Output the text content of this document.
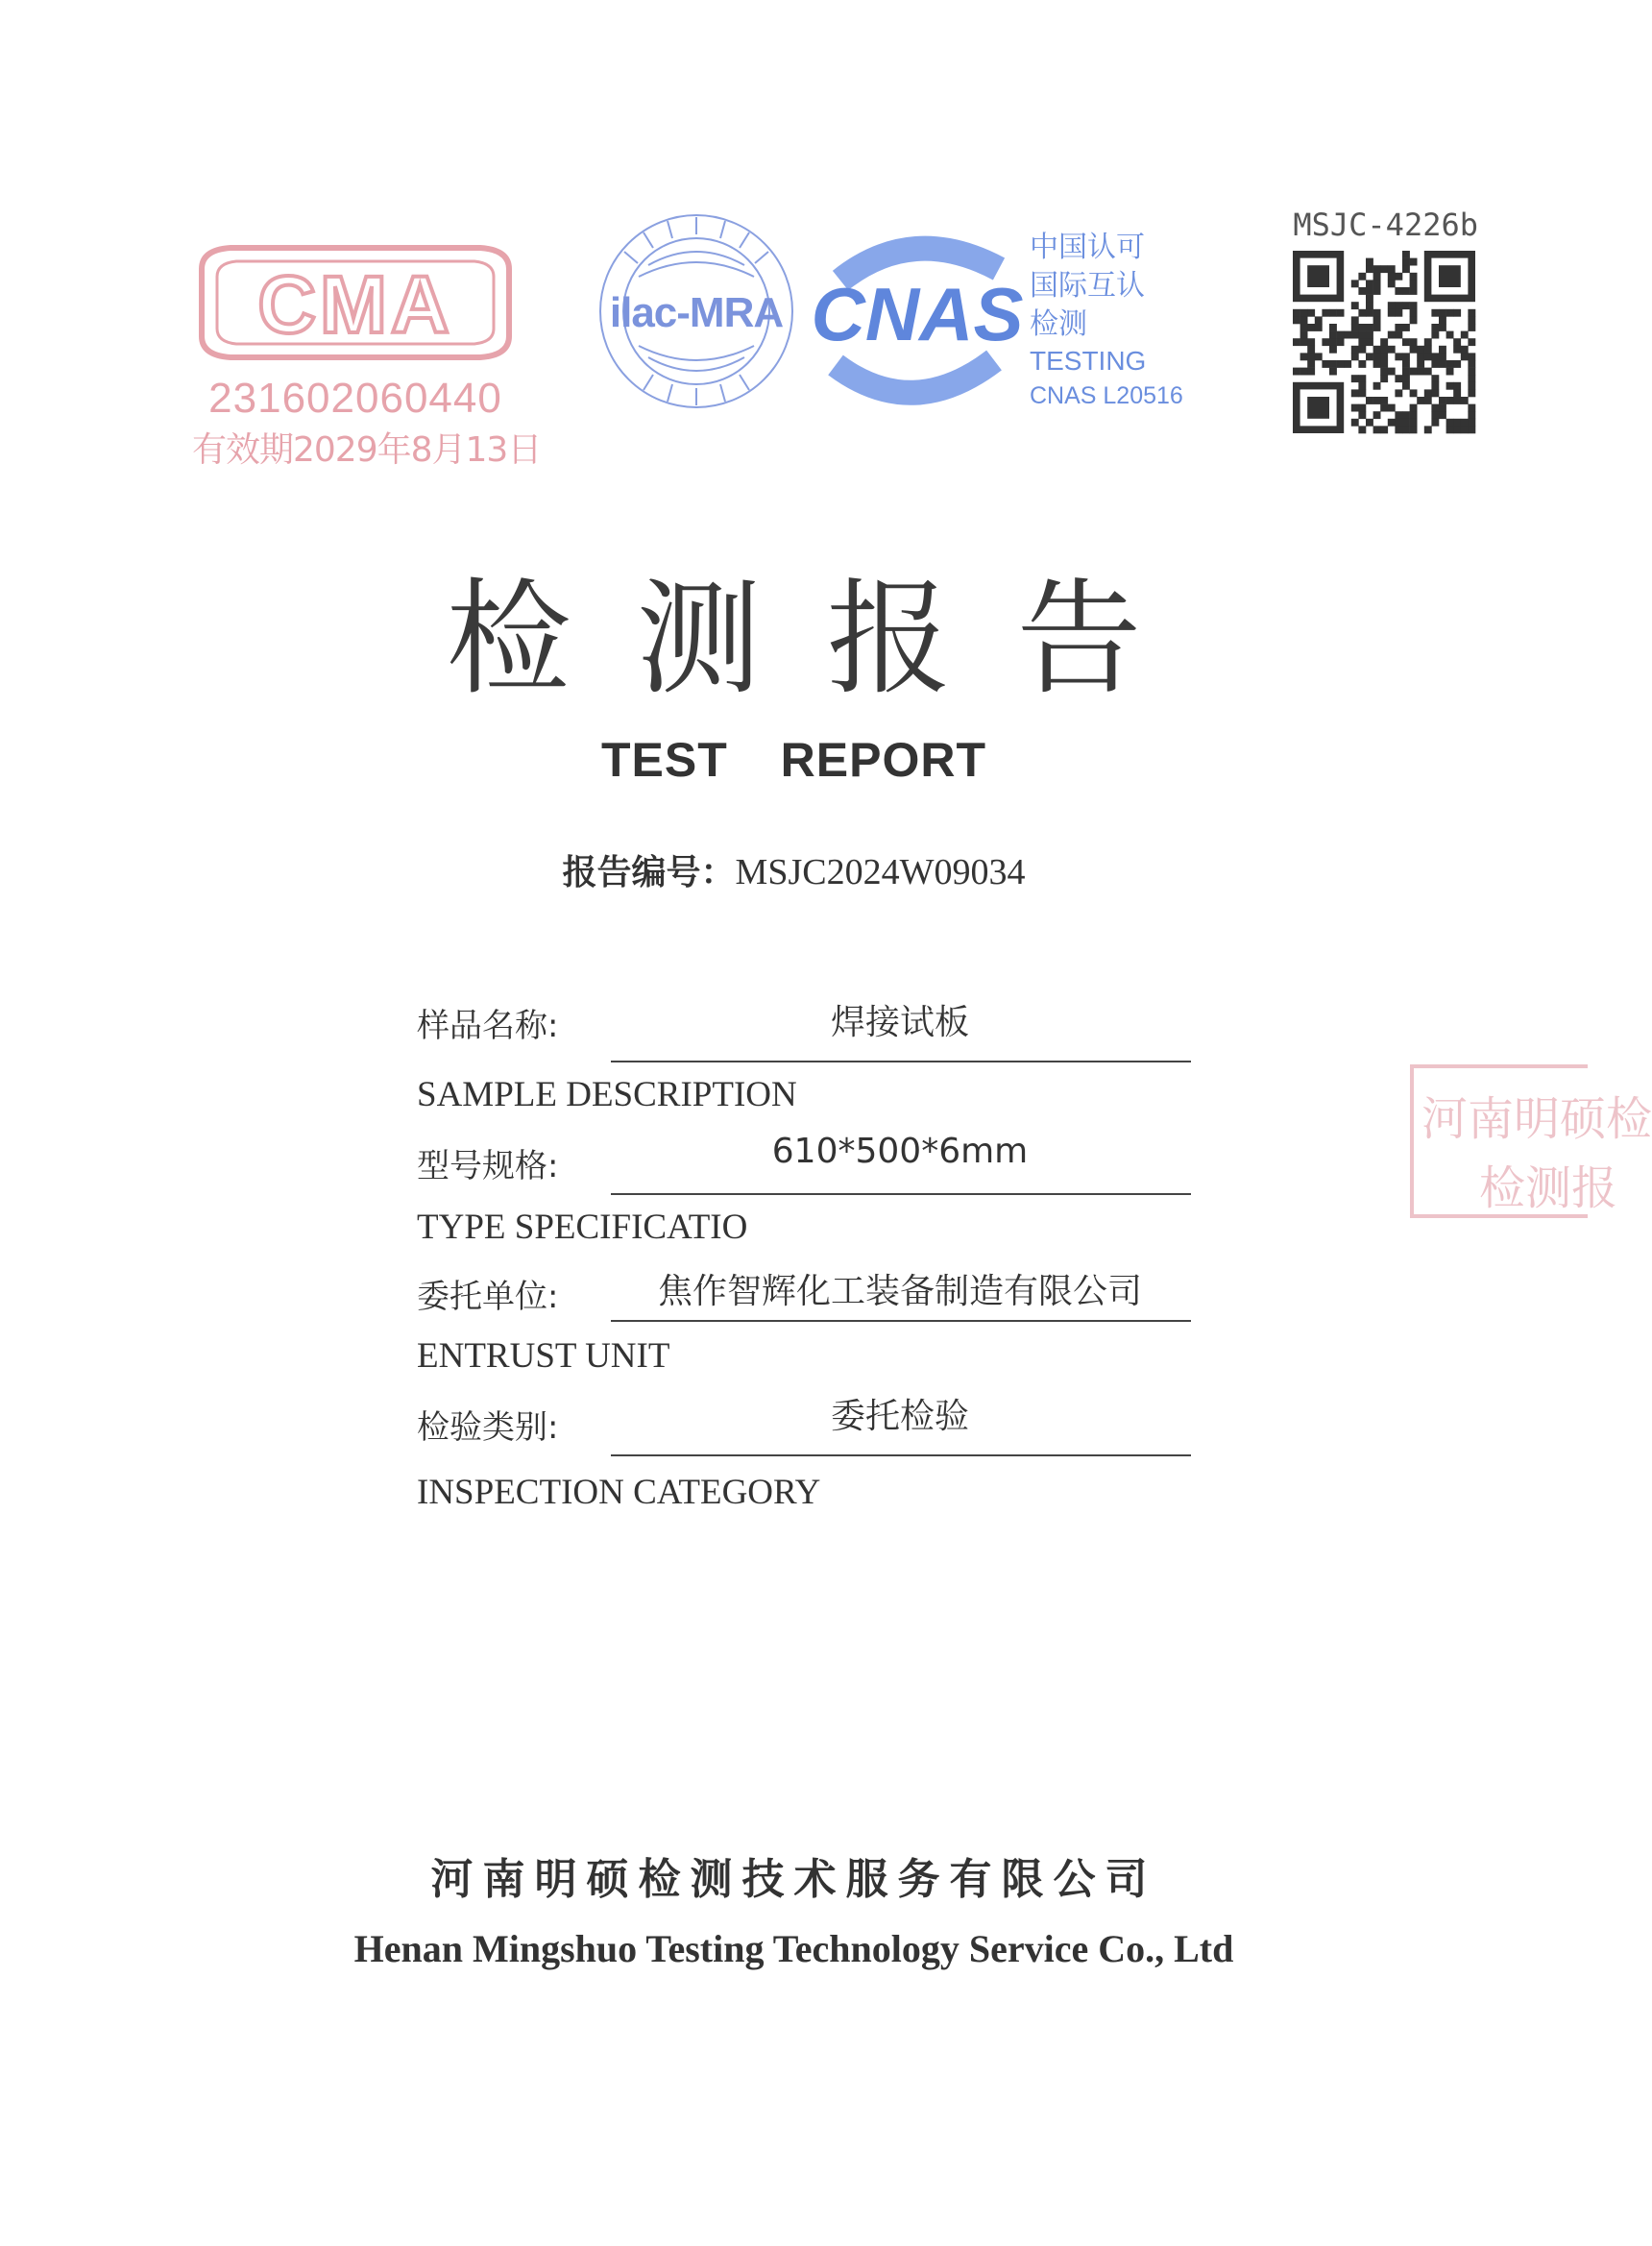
CMA
231602060440
有效期2029年8月13日
ilac-MRA CNAS
中国认可
国际互认
检测
TESTING
CNAS L20516
MSJC-4226b
检测报告
TEST REPORT
报告编号：MSJC2024W09034
样品名称:	焊接试板
SAMPLE DESCRIPTION
型号规格:	610*500*6mm
TYPE SPECIFICATIO
委托单位:	焦作智辉化工装备制造有限公司
ENTRUST UNIT
检验类别:	委托检验
INSPECTION CATEGORY
河南明硕检
检测报
河南明硕检测技术服务有限公司
Henan Mingshuo Testing Technology Service Co., Ltd
